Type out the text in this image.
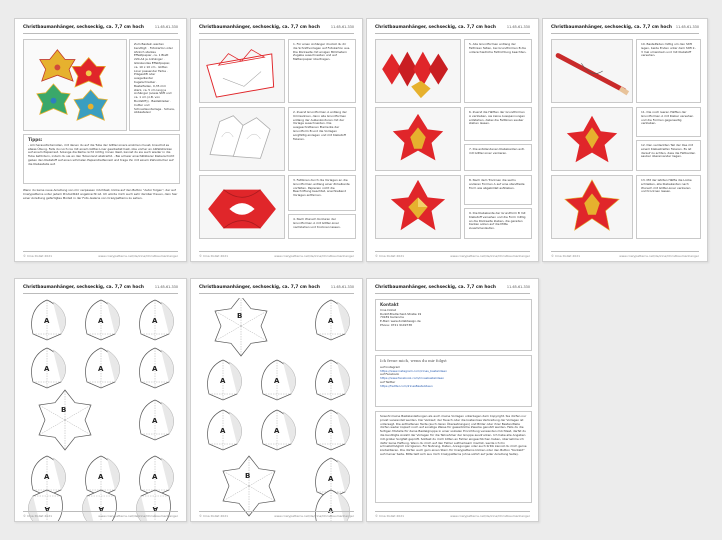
Christbaumanhänger, sechseckig, ca. 7,7 cm hoch	11-65-61-330
Zum Basteln werden benötigt: · Fotokarton oder ähnlich starkes Effektpapier, ca. 1 Blatt 220-A4 je Anhänger · Glänzendes Effektpapier, ca. 10 x 10 cm · Glitter-Liner passender Farbe · Prägestift oder ausgedienter Kugelschreiber · Bastelfaden, 0,35 mm stark, ca. 5 cm lang je Anhänger (sowie Stift und ca. 1 cm (z.B. von Buntstift)) · Bastelkleber · Cutter und Schneideunterlage · Schere, Abbastelsor
Tipps:
- Am herausfordernsten, mit denen du auf die Tube der Glitter-Liners einzmen musst, brauchst es etwas Übung. Falls du noch nie mit einem Glitter-Liner gearbeitet hast, übe vorher an Abfallstücken auf einem Papierrest. Solange die Reihe nicht richtig rinnen lässt, kannst du sie auch wieder in die Tube befördern, indem du sie an den Tubenrand abstreifst. - Bei schwer einschätzbarer Kleberschicht geben den Klebstoff auf einen schmalen Papierstreifenrest und trage ihn mit einem Zahnstocher auf die Klebestelle auf.
Wenn du keine neue Anleitung von mir verpassen möchtest, klicke auf den Button "Autor folgen", der auf Crazypatterns unter jedem Produktbild angebracht ist. Ich würde mich auch sehr darüber freuen, dein hier einer Anleitung gefertigtes Modell in der Foto-Galerie von Crazypatterns zu sehen.
© Irina Dollat 2021	www.crazypatterns.net/de/irina/Christbaumanhanger
Christbaumanhänger, sechseckig, ca. 7,7 cm hoch	11-65-61-330
1. Für einen Anhänger druckst du dir die Schnittvorlagen auf Fotokarton aus. Die Rückseite mit einigen Millimetern Zugabe ausschneiden und auf Mattenpapier übertragen.
2. Zuerst Grundformen A entlang der Umrisslinien, dann alle Grundformen entlang der Außenkonturen mit der Vorlage ausschneiden. Die ausgeschnittenen Elemente der Grundform B und die Vorlagen sorgfältig einlegen und mit Klebstoff fixieren.
3. Faltlinien durch die Vorlagen an die Grundformen entlang einer Zirkelkante vorfalten. Papierein nicht die Beschriftung beachtet, anschließend Vorlagen entfernen.
4. Nach Wunsch Konturen der Grundformen A mit Glitter-Liner nachziehen und trocknen lassen.
© Irina Dollat 2021	www.crazypatterns.net/de/irina/Christbaumanhanger
Christbaumanhänger, sechseckig, ca. 7,7 cm hoch	11-65-61-330
5. Alle Grundformen entlang der Faltlinien falten, bei Grundformen B die unterschiedliche Faltrichtung beachten.
6. Zuerst die Hälften der Grundformen A verkleben, sie keine Ausspannungen entstehen, dabei die Faltlinien sauber stehen lassen.
7. Die entstandenen Klebekanten evtl. mit Glitter-Liner verzieren.
8. Nach dem Trocknen die sechs anderen Formen A auf eine standfeste Form wie abgebildet aufkleben.
9. Die Klebekante der Grundform B mit Klebstoff versehen und die Form mittig an die Rückseite kleben, die geraden Kanten sollen auf die Mitte zusammenlaufen.
© Irina Dollat 2021	www.crazypatterns.net/de/irina/Christbaumanhanger
Christbaumanhänger, sechseckig, ca. 7,7 cm hoch 11-65-61-330
10. Bastelfaden mittig um den Stift legen, beide Enden unter dem Stift 2–3 mal umwickeln und mit Klebstoff versehen.
11. Die noch leeren Hälften der Grundformen A mit Kleber versehen und die Formen gegenseitig verkleben.
12. Den verdeckten Teil der Ose mit einem Klebestreifen fixieren. Es ist darauf zu achten, dass die Faltkanten sauber übereinander liegen.
13. Mit der letzten Hälfte die Lücke schließen, alle Klebekanten nach Wunsch mit Glitter-Liner verzieren und trocknen lassen.
© Irina Dollat 2021	www.crazypatterns.net/de/irina/Christbaumanhanger
Christbaumanhänger, sechseckig, ca. 7,7 cm hoch	11-65-61-330
A	A	A
A	A	A
B
A
A	A	A
A	A	A
© Irina Dollat 2021	www.crazypatterns.net/de/irina/Christbaumanhanger
Christbaumanhänger, sechseckig, ca. 7,7 cm hoch	11-65-61-330
B
A
A	A	A
A	A	A
B	A
A
© Irina Dollat 2021	www.crazypatterns.net/de/irina/Christbaumanhanger
Christbaumanhänger, sechseckig, ca. 7,7 cm hoch	11-65-61-330
Kontakt
Irina Dollat
Rudolf-Breitscheid-Straße 19
79189 Karlsruhe
E-Mail: www.dollatdesign.de
Phone: 0721 9149738
Ich freue mich, wenn du mir folgst
auf Instagram
https://www.instagram.com/irinas_bastelideen
auf Facebook
https://www.facebook.com/irinasbastelideen
auf Twitter
https://twitter.com/IrinasBastelideen
Sowohl meine Bastelanleitungen als auch meine Vorlagen unterliegen dem Copyright. Sie dürfen nur privat verwendet werden. Der Verkauf, der Tausch oder die kostenlose Verbreitung der Vorlagen ist untersagt. Die enthaltenen Texte (auch deren Übersetzungen) und Bilder oder ihrer Bestandteile dürfen weder kopiert noch auf sonstige Weise für gewerbliche Zwecke genutzt werden. Falls du die fertigen Modelle für deine Bastelgruppe in einer sozialen Einrichtung verwenden möchtest, darfst du die benötigte Anzahl der Vorlagen für die Teilnehmer der Gruppe ausdrucken. Ich habe alle Angaben mit großer Sorgfalt geprüft. Solltest du mich bitten an Fehler eingeschlichen haben, übernehme ich dafür keine Haftung. Wenn du mich auf den Fehler aufmerksam machst, werde ich ihn schnellstmöglich korrigieren. Für Nutzung, Daten, Anregungen oder auch Kritik kannst du mich gerne kontaktieren. Die dürfen auch gern einen Stern für Crazypatterns klicken oder den Button "Kontakt" auf meiner Seite. Bitte teilt sich aus mich Crazypatterns (ohne sofort auf jeder Anleitung Seite).
© Irina Dollat 2021	www.crazypatterns.net/de/irina/Christbaumanhanger
